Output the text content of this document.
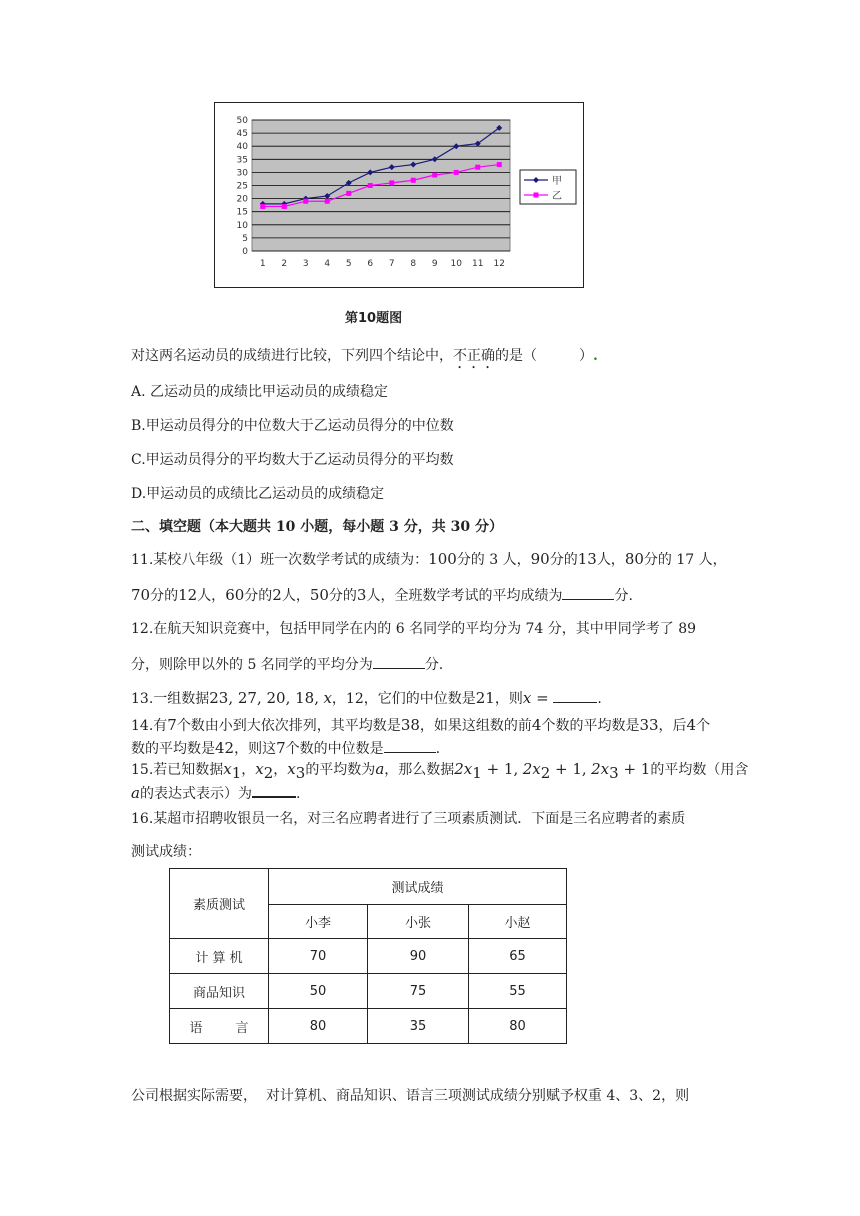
0
5
10
15
20
25
30
35
40
45
50
1 2 3 4 5 6 7 8 9 10 11 12
甲
乙
第10题图
对这两名运动员的成绩进行比较，下列四个结论中，不正确的是（　　　）.
A. 乙运动员的成绩比甲运动员的成绩稳定
B.甲运动员得分的中位数大于乙运动员得分的中位数
C.甲运动员得分的平均数大于乙运动员得分的平均数
D.甲运动员的成绩比乙运动员的成绩稳定
二、填空题（本大题共 10 小题，每小题 3 分，共 30 分）
11.某校八年级（1）班一次数学考试的成绩为：100分的 3 人，90分的13人，80分的 17 人，
70分的12人，60分的2人，50分的3人，全班数学考试的平均成绩为	分.
12.在航天知识竞赛中，包括甲同学在内的 6 名同学的平均分为 74 分，其中甲同学考了 89
分，则除甲以外的 5 名同学的平均分为	分.
13.一组数据23, 27, 20, 18, x，12，它们的中位数是21，则x =	.
14.有7个数由小到大依次排列，其平均数是38，如果这组数的前4个数的平均数是33，后4个
数的平均数是42，则这7个数的中位数是	.
15.若已知数据$x_1$，$x_2$，$x_3$的平均数为a，那么数据$2x_1 + 1$, $2x_2 + 1$, $2x_3 + 1$的平均数（用含
a的表达式表示）为	.
16.某超市招聘收银员一名，对三名应聘者进行了三项素质测试．下面是三名应聘者的素质
测试成绩：
素质测试	测试成绩		
	小李	小张	小赵
计 算 机	70	90	65
商品知识	50	75	55
语        言	80	35	80
公司根据实际需要，  对计算机、商品知识、语言三项测试成绩分别赋予权重 4、3、2，则
